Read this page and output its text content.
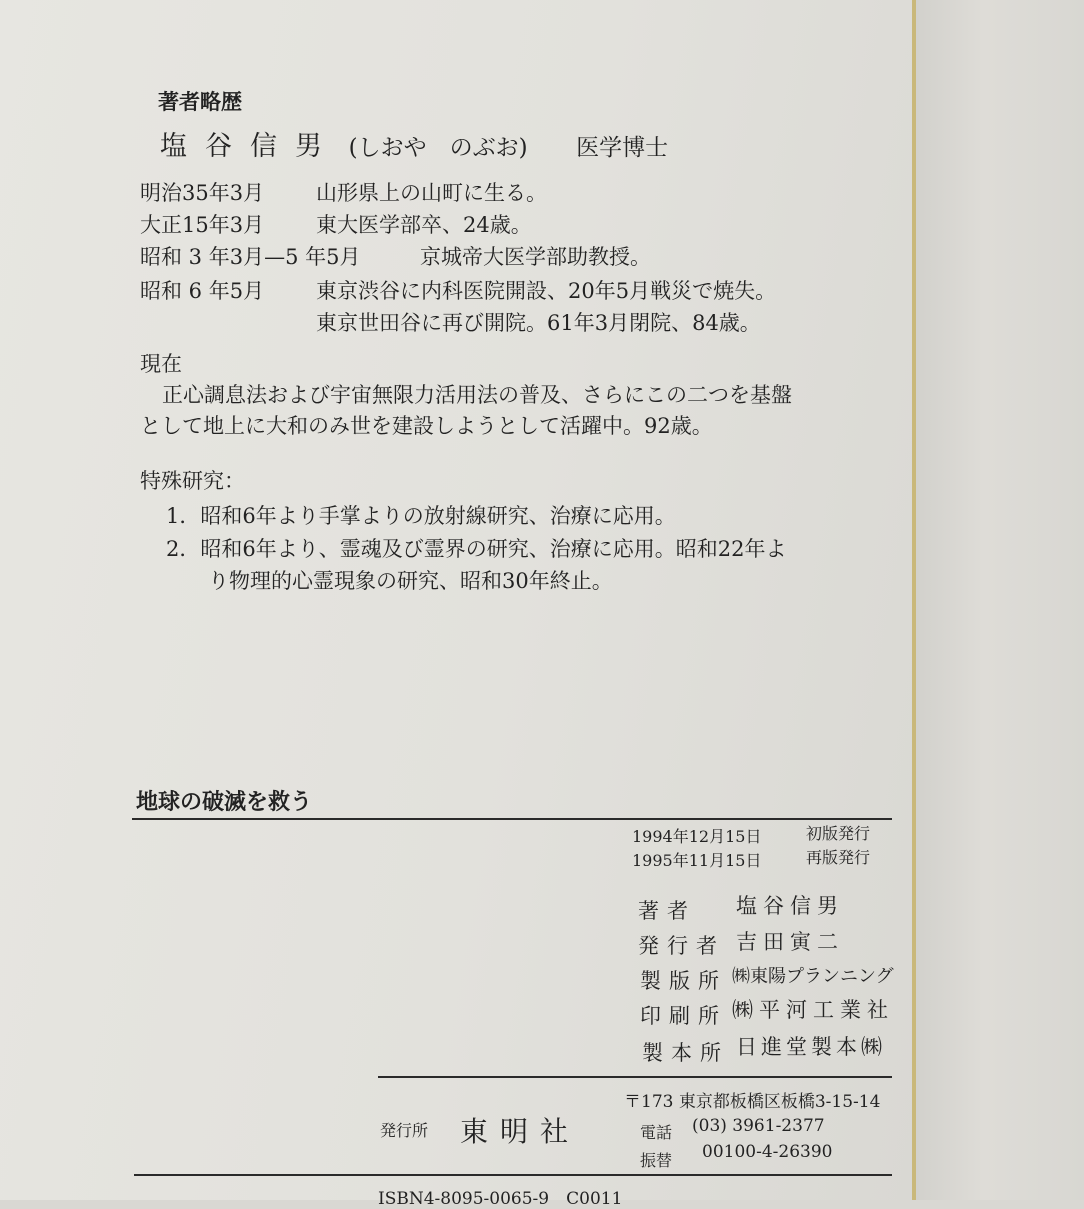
著者略歴
塩谷信男 (しおや　のぶお) 医学博士
明治35年3月 山形県上の山町に生る。
大正15年3月 東大医学部卒、24歳。
昭和 3 年3月—5 年5月	京城帝大医学部助教授。
昭和 6 年5月 東京渋谷に内科医院開設、20年5月戦災で焼失。
東京世田谷に再び開院。61年3月閉院、84歳。
現在
正心調息法および宇宙無限力活用法の普及、さらにこの二つを基盤
として地上に大和のみ世を建設しようとして活躍中。92歳。
特殊研究：
1．昭和6年より手掌よりの放射線研究、治療に応用。
2．昭和6年より、霊魂及び霊界の研究、治療に応用。昭和22年よ
り物理的心霊現象の研究、昭和30年終止。
地球の破滅を救う
1994年12月15日	初版発行
1995年11月15日	再版発行
著者 塩谷信男
発行者 吉田寅二
製版所 ㈱東陽プランニング
印刷所 ㈱平河工業社
製本所 日進堂製本㈱
発行所 東明社
〒173 東京都板橋区板橋3-15-14
電話 (03) 3961-2377
振替 00100-4-26390
ISBN4-8095-0065-9　C0011
